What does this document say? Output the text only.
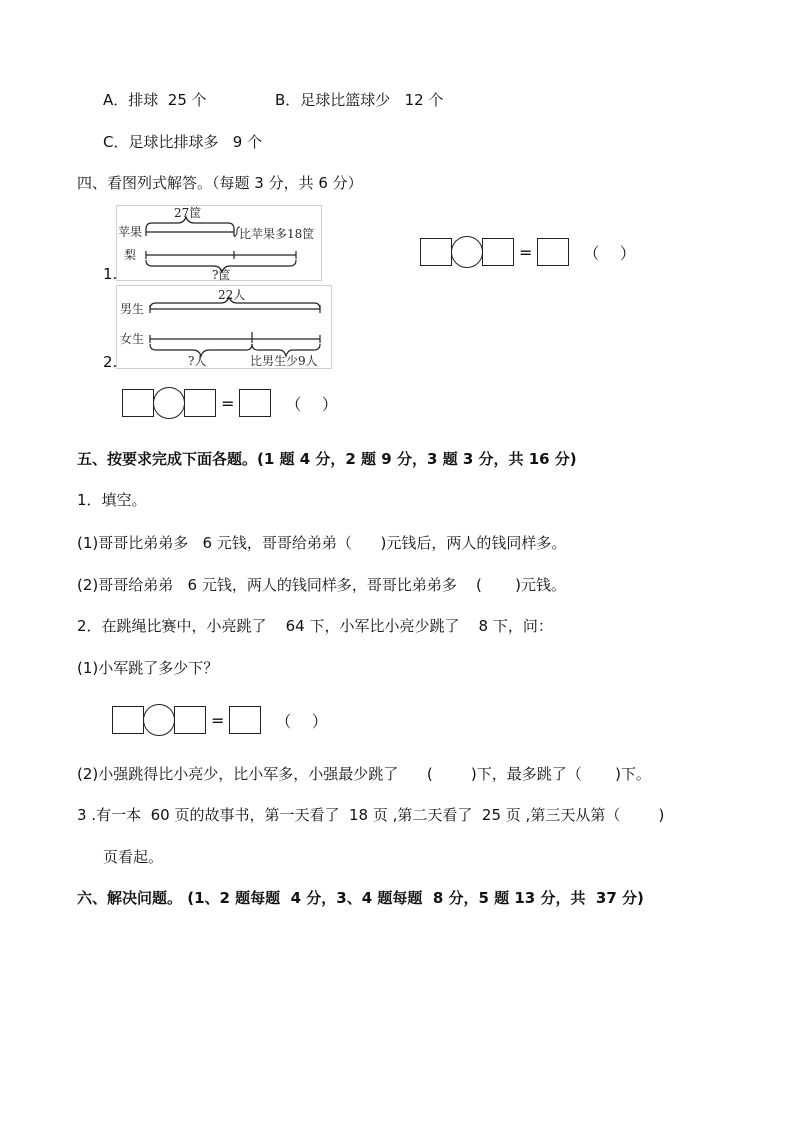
A．排球  25 个	B．足球比篮球少   12 个
C．足球比排球多   9 个
四、看图列式解答。（每题 3 分，共 6 分）
1.
27筐
苹果	比苹果多18筐
梨
?筐
=	（    ）
2.
22人
男生
女生
?人	比男生少9人
=	（    ）
五、按要求完成下面各题。(1 题 4 分，2 题 9 分，3 题 3 分，共 16 分)
1．填空。
(1)哥哥比弟弟多   6 元钱，哥哥给弟弟（      )元钱后，两人的钱同样多。
(2)哥哥给弟弟   6 元钱，两人的钱同样多，哥哥比弟弟多    (       )元钱。
2．在跳绳比赛中，小亮跳了    64 下，小军比小亮少跳了    8 下，问：
(1)小军跳了多少下？
=	（    ）
(2)小强跳得比小亮少，比小军多，小强最少跳了      (        )下，最多跳了（       )下。
3 .有一本  60 页的故事书，第一天看了  18 页 ,第二天看了  25 页 ,第三天从第（        )
页看起。
六、解决问题。 (1、2 题每题  4 分，3、4 题每题  8 分，5 题 13 分，共  37 分)
